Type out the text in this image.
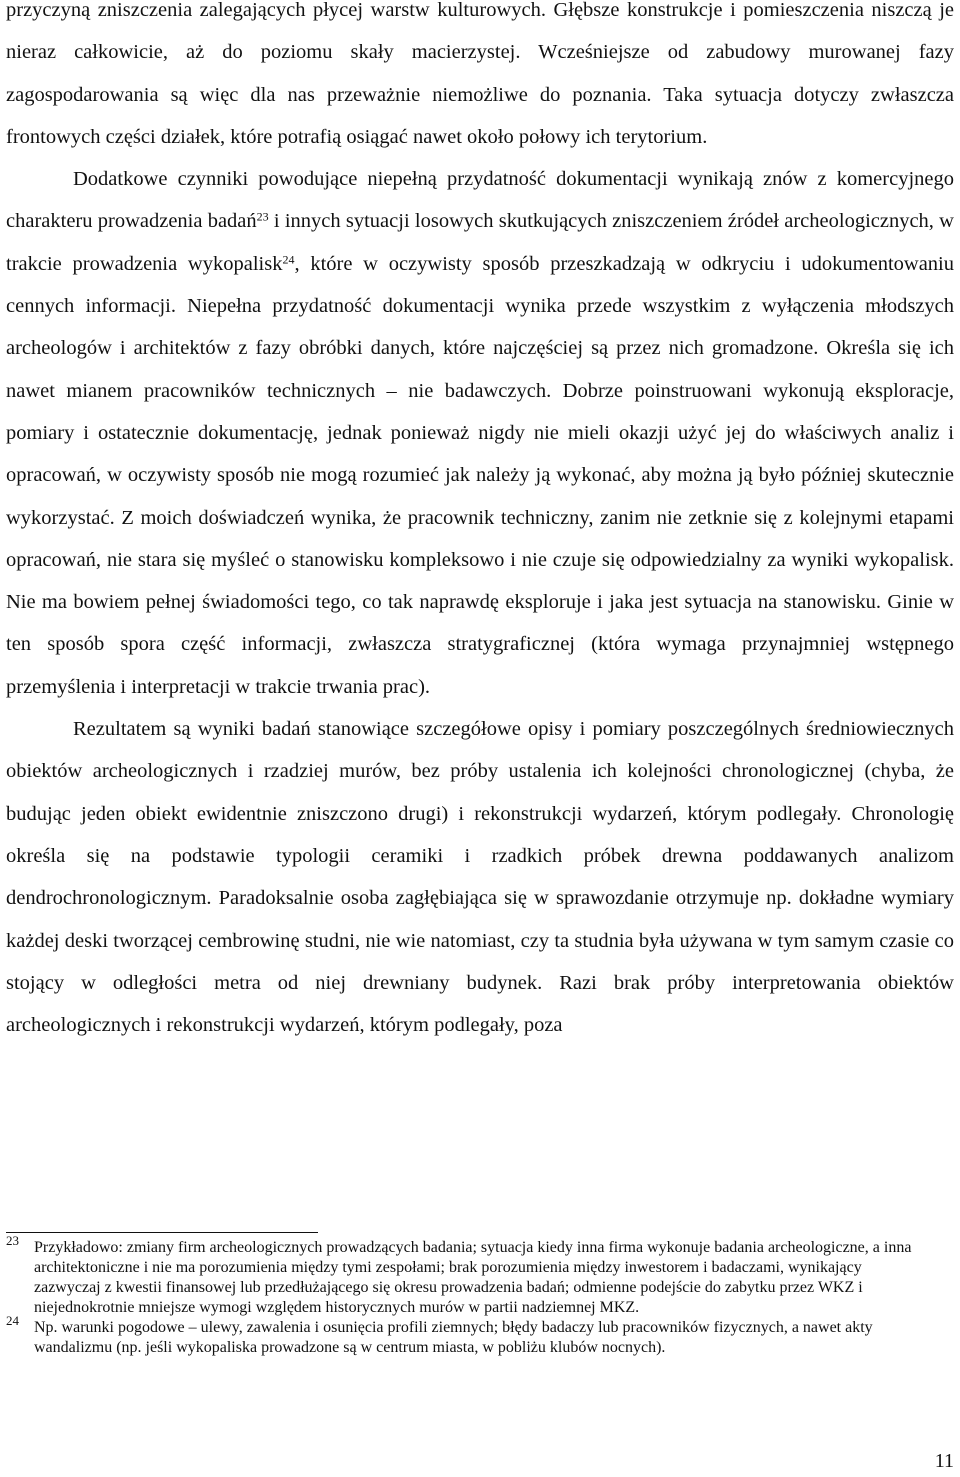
przyczyną zniszczenia zalegających płycej warstw kulturowych. Głębsze konstrukcje i pomieszczenia niszczą je nieraz całkowicie, aż do poziomu skały macierzystej. Wcześniejsze od zabudowy murowanej fazy zagospodarowania są więc dla nas przeważnie niemożliwe do poznania. Taka sytuacja dotyczy zwłaszcza frontowych części działek, które potrafią osiągać nawet około połowy ich terytorium.

Dodatkowe czynniki powodujące niepełną przydatność dokumentacji wynikają znów z komercyjnego charakteru prowadzenia badań$^{23}$ i innych sytuacji losowych skutkujących zniszczeniem źródeł archeologicznych, w trakcie prowadzenia wykopalisk$^{24}$, które w oczywisty sposób przeszkadzają w odkryciu i udokumentowaniu cennych informacji. Niepełna przydatność dokumentacji wynika przede wszystkim z wyłączenia młodszych archeologów i architektów z fazy obróbki danych, które najczęściej są przez nich gromadzone. Określa się ich nawet mianem pracowników technicznych – nie badawczych. Dobrze poinstruowani wykonują eksploracje, pomiary i ostatecznie dokumentację, jednak ponieważ nigdy nie mieli okazji użyć jej do właściwych analiz i opracowań, w oczywisty sposób nie mogą rozumieć jak należy ją wykonać, aby można ją było później skutecznie wykorzystać. Z moich doświadczeń wynika, że pracownik techniczny, zanim nie zetknie się z kolejnymi etapami opracowań, nie stara się myśleć o stanowisku kompleksowo i nie czuje się odpowiedzialny za wyniki wykopalisk. Nie ma bowiem pełnej świadomości tego, co tak naprawdę eksploruje i jaka jest sytuacja na stanowisku. Ginie w ten sposób spora część informacji, zwłaszcza stratygraficznej (która wymaga przynajmniej wstępnego przemyślenia i interpretacji w trakcie trwania prac).

Rezultatem są wyniki badań stanowiące szczegółowe opisy i pomiary poszczególnych średniowiecznych obiektów archeologicznych i rzadziej murów, bez próby ustalenia ich kolejności chronologicznej (chyba, że budując jeden obiekt ewidentnie zniszczono drugi) i rekonstrukcji wydarzeń, którym podlegały. Chronologię określa się na podstawie typologii ceramiki i rzadkich próbek drewna poddawanych analizom dendrochronologicznym. Paradoksalnie osoba zagłębiająca się w sprawozdanie otrzymuje np. dokładne wymiary każdej deski tworzącej cembrowinę studni, nie wie natomiast, czy ta studnia była używana w tym samym czasie co stojący w odległości metra od niej drewniany budynek. Razi brak próby interpretowania obiektów archeologicznych i rekonstrukcji wydarzeń, którym podlegały, poza

23 Przykładowo: zmiany firm archeologicznych prowadzących badania; sytuacja kiedy inna firma wykonuje badania archeologiczne, a inna architektoniczne i nie ma porozumienia między tymi zespołami; brak porozumienia między inwestorem i badaczami, wynikający zazwyczaj z kwestii finansowej lub przedłużającego się okresu prowadzenia badań; odmienne podejście do zabytku przez WKZ i niejednokrotnie mniejsze wymogi względem historycznych murów w partii nadziemnej MKZ.

24 Np. warunki pogodowe – ulewy, zawalenia i osunięcia profili ziemnych; błędy badaczy lub pracowników fizycznych, a nawet akty wandalizmu (np. jeśli wykopaliska prowadzone są w centrum miasta, w pobliżu klubów nocnych).

11
